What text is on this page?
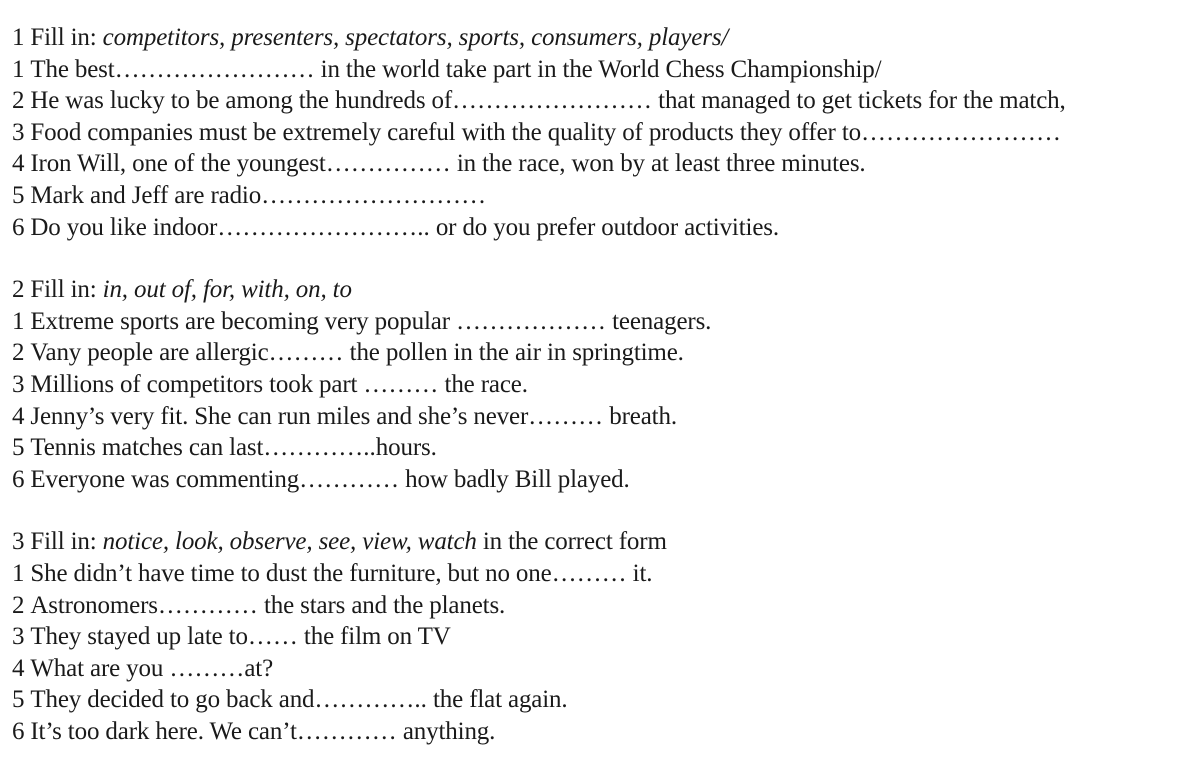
1 Fill in: competitors, presenters, spectators, sports, consumers, players/
1 The best…………………… in the world take part in the World Chess Championship/
2 He was lucky to be among the hundreds of…………………… that managed to get tickets for the match,
3 Food companies must be extremely careful with the quality of products they offer to……………………
4 Iron Will, one of the youngest…………… in the race, won by at least three minutes.
5 Mark and Jeff are radio………………………
6 Do you like indoor…………………….. or do you prefer outdoor activities.
2 Fill in: in, out of, for, with, on, to
1 Extreme sports are becoming very popular ……………… teenagers.
2 Vany people are allergic……… the pollen in the air in springtime.
3 Millions of competitors took part ……… the race.
4 Jenny’s very fit. She can run miles and she’s never……… breath.
5 Tennis matches can last…………..hours.
6 Everyone was commenting………… how badly Bill played.
3 Fill in: notice, look, observe, see, view, watch in the correct form
1 She didn’t have time to dust the furniture, but no one……… it.
2 Astronomers………… the stars and the planets.
3 They stayed up late to…… the film on TV
4 What are you ………at?
5 They decided to go back and………….. the flat again.
6 It’s too dark here. We can’t………… anything.
